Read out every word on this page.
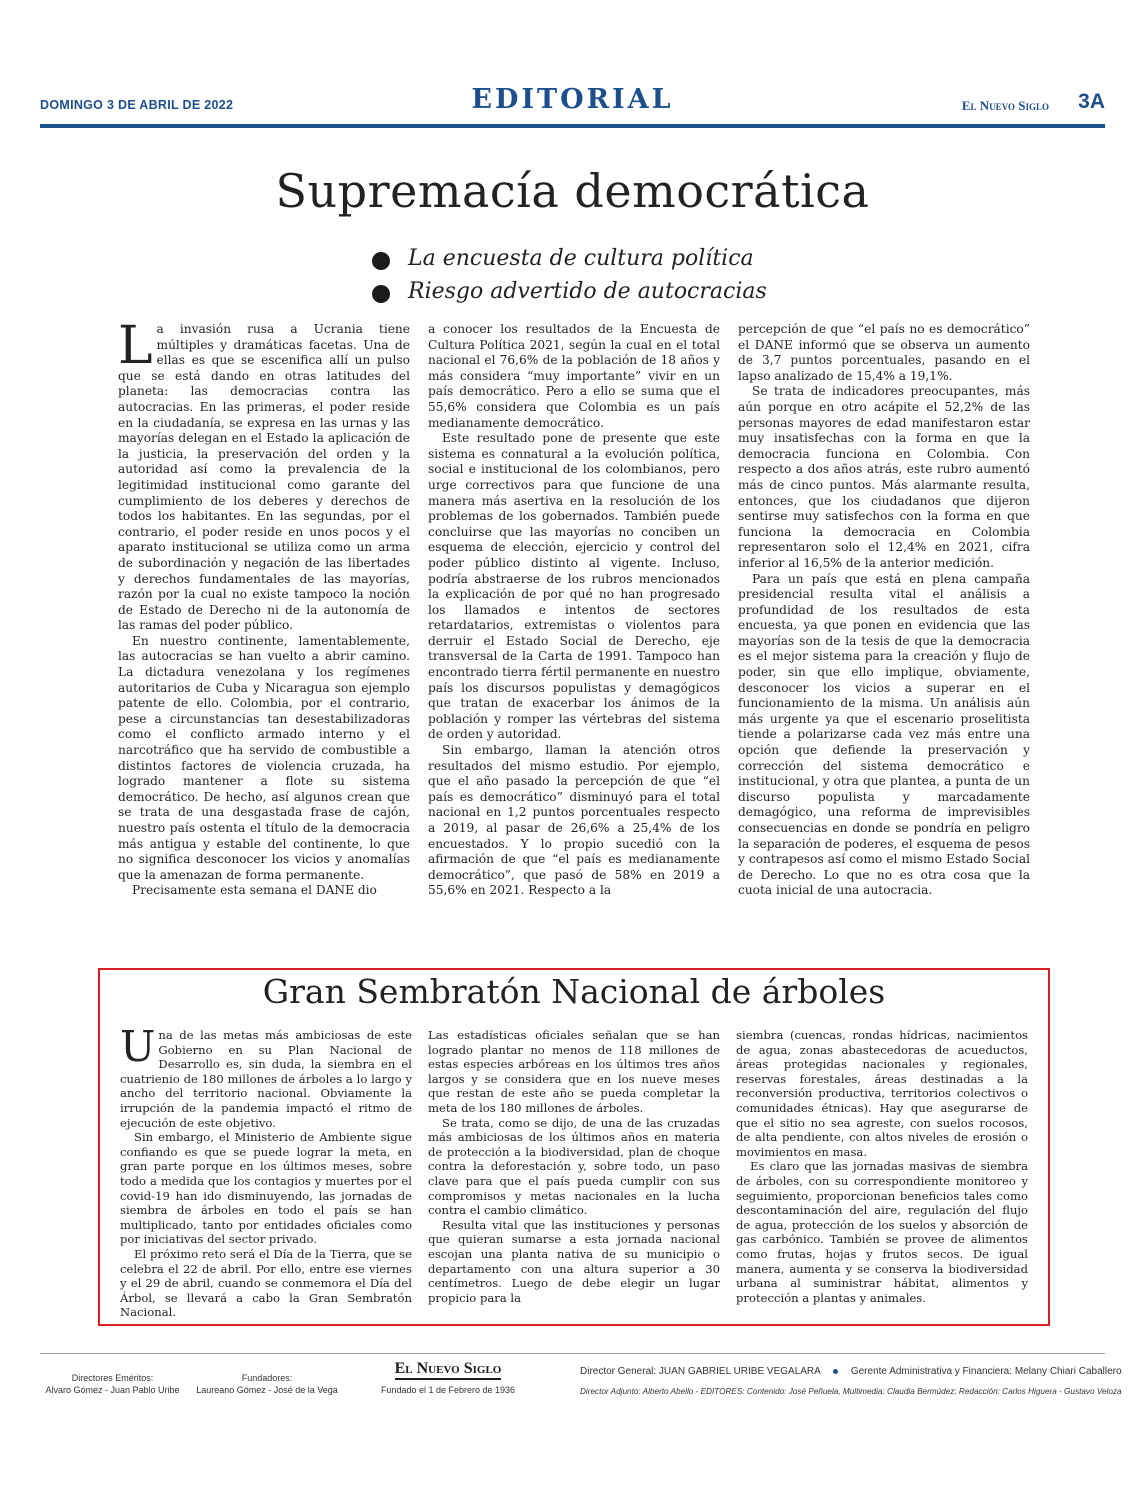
DOMINGO 3 DE ABRIL DE 2022	EDITORIAL	El Nuevo Siglo 3A
Supremacía democrática
La encuesta de cultura política
Riesgo advertido de autocracias

La invasión rusa a Ucrania tiene múltiples y dramáticas facetas. Una de ellas es que se escenifica allí un pulso que se está dando en otras latitudes del planeta: las democracias contra las autocracias. En las primeras, el poder reside en la ciudadanía, se expresa en las urnas y las mayorías delegan en el Estado la aplicación de la justicia, la preservación del orden y la autoridad así como la prevalencia de la legitimidad institucional como garante del cumplimiento de los deberes y derechos de todos los habitantes. En las segundas, por el contrario, el poder reside en unos pocos y el aparato institucional se utiliza como un arma de subordinación y negación de las libertades y derechos fundamentales de las mayorías, razón por la cual no existe tampoco la noción de Estado de Derecho ni de la autonomía de las ramas del poder público.

En nuestro continente, lamentablemente, las autocracias se han vuelto a abrir camino. La dictadura venezolana y los regímenes autoritarios de Cuba y Nicaragua son ejemplo patente de ello. Colombia, por el contrario, pese a circunstancias tan desestabilizadoras como el conflicto armado interno y el narcotráfico que ha servido de combustible a distintos factores de violencia cruzada, ha logrado mantener a flote su sistema democrático. De hecho, así algunos crean que se trata de una desgastada frase de cajón, nuestro país ostenta el título de la democracia más antigua y estable del continente, lo que no significa desconocer los vicios y anomalías que la amenazan de forma permanente.

Precisamente esta semana el DANE dio

a conocer los resultados de la Encuesta de Cultura Política 2021, según la cual en el total nacional el 76,6% de la población de 18 años y más considera “muy importante” vivir en un país democrático. Pero a ello se suma que el 55,6% considera que Colombia es un país medianamente democrático.

Este resultado pone de presente que este sistema es connatural a la evolución política, social e institucional de los colombianos, pero urge correctivos para que funcione de una manera más asertiva en la resolución de los problemas de los gobernados. También puede concluirse que las mayorías no conciben un esquema de elección, ejercicio y control del poder público distinto al vigente. Incluso, podría abstraerse de los rubros mencionados la explicación de por qué no han progresado los llamados e intentos de sectores retardatarios, extremistas o violentos para derruir el Estado Social de Derecho, eje transversal de la Carta de 1991. Tampoco han encontrado tierra fértil permanente en nuestro país los discursos populistas y demagógicos que tratan de exacerbar los ánimos de la población y romper las vértebras del sistema de orden y autoridad.

Sin embargo, llaman la atención otros resultados del mismo estudio. Por ejemplo, que el año pasado la percepción de que “el país es democrático” disminuyó para el total nacional en 1,2 puntos porcentuales respecto a 2019, al pasar de 26,6% a 25,4% de los encuestados. Y lo propio sucedió con la afirmación de que “el país es medianamente democrático”, que pasó de 58% en 2019 a 55,6% en 2021. Respecto a la

percepción de que “el país no es democrático” el DANE informó que se observa un aumento de 3,7 puntos porcentuales, pasando en el lapso analizado de 15,4% a 19,1%.

Se trata de indicadores preocupantes, más aún porque en otro acápite el 52,2% de las personas mayores de edad manifestaron estar muy insatisfechas con la forma en que la democracia funciona en Colombia. Con respecto a dos años atrás, este rubro aumentó más de cinco puntos. Más alarmante resulta, entonces, que los ciudadanos que dijeron sentirse muy satisfechos con la forma en que funciona la democracia en Colombia representaron solo el 12,4% en 2021, cifra inferior al 16,5% de la anterior medición.

Para un país que está en plena campaña presidencial resulta vital el análisis a profundidad de los resultados de esta encuesta, ya que ponen en evidencia que las mayorías son de la tesis de que la democracia es el mejor sistema para la creación y flujo de poder, sin que ello implique, obviamente, desconocer los vicios a superar en el funcionamiento de la misma. Un análisis aún más urgente ya que el escenario proselitista tiende a polarizarse cada vez más entre una opción que defiende la preservación y corrección del sistema democrático e institucional, y otra que plantea, a punta de un discurso populista y marcadamente demagógico, una reforma de imprevisibles consecuencias en donde se pondría en peligro la separación de poderes, el esquema de pesos y contrapesos así como el mismo Estado Social de Derecho. Lo que no es otra cosa que la cuota inicial de una autocracia.

Gran Sembratón Nacional de árboles

Una de las metas más ambiciosas de este Gobierno en su Plan Nacional de Desarrollo es, sin duda, la siembra en el cuatrienio de 180 millones de árboles a lo largo y ancho del territorio nacional. Obviamente la irrupción de la pandemia impactó el ritmo de ejecución de este objetivo.

Sin embargo, el Ministerio de Ambiente sigue confiando es que se puede lograr la meta, en gran parte porque en los últimos meses, sobre todo a medida que los contagios y muertes por el covid-19 han ido disminuyendo, las jornadas de siembra de árboles en todo el país se han multiplicado, tanto por entidades oficiales como por iniciativas del sector privado.

El próximo reto será el Día de la Tierra, que se celebra el 22 de abril. Por ello, entre ese viernes y el 29 de abril, cuando se conmemora el Día del Árbol, se llevará a cabo la Gran Sembratón Nacional.

Las estadísticas oficiales señalan que se han logrado plantar no menos de 118 millones de estas especies arbóreas en los últimos tres años largos y se considera que en los nueve meses que restan de este año se pueda completar la meta de los 180 millones de árboles.

Se trata, como se dijo, de una de las cruzadas más ambiciosas de los últimos años en materia de protección a la biodiversidad, plan de choque contra la deforestación y, sobre todo, un paso clave para que el país pueda cumplir con sus compromisos y metas nacionales en la lucha contra el cambio climático.

Resulta vital que las instituciones y personas que quieran sumarse a esta jornada nacional escojan una planta nativa de su municipio o departamento con una altura superior a 30 centímetros. Luego de debe elegir un lugar propicio para la

siembra (cuencas, rondas hídricas, nacimientos de agua, zonas abastecedoras de acueductos, áreas protegidas nacionales y regionales, reservas forestales, áreas destinadas a la reconversión productiva, territorios colectivos o comunidades étnicas). Hay que asegurarse de que el sitio no sea agreste, con suelos rocosos, de alta pendiente, con altos niveles de erosión o movimientos en masa.

Es claro que las jornadas masivas de siembra de árboles, con su correspondiente monitoreo y seguimiento, proporcionan beneficios tales como descontaminación del aire, regulación del flujo de agua, protección de los suelos y absorción de gas carbónico. También se provee de alimentos como frutas, hojas y frutos secos. De igual manera, aumenta y se conserva la biodiversidad urbana al suministrar hábitat, alimentos y protección a plantas y animales.

Directores Eméritos:
Alvaro Gómez - Juan Pablo Uribe
Fundadores:
Laureano Gómez - José de la Vega
El Nuevo Siglo
Fundado el 1 de Febrero de 1936
Director General: JUAN GABRIEL URIBE VEGALARA	Gerente Administrativa y Financiera: Melany Chiari Caballero
Director Adjunto: Alberto Abello - EDITORES: Contenido: José Peñuela, Multimedia: Claudia Bermúdez; Redacción: Carlos Higuera - Gustavo Veloza
